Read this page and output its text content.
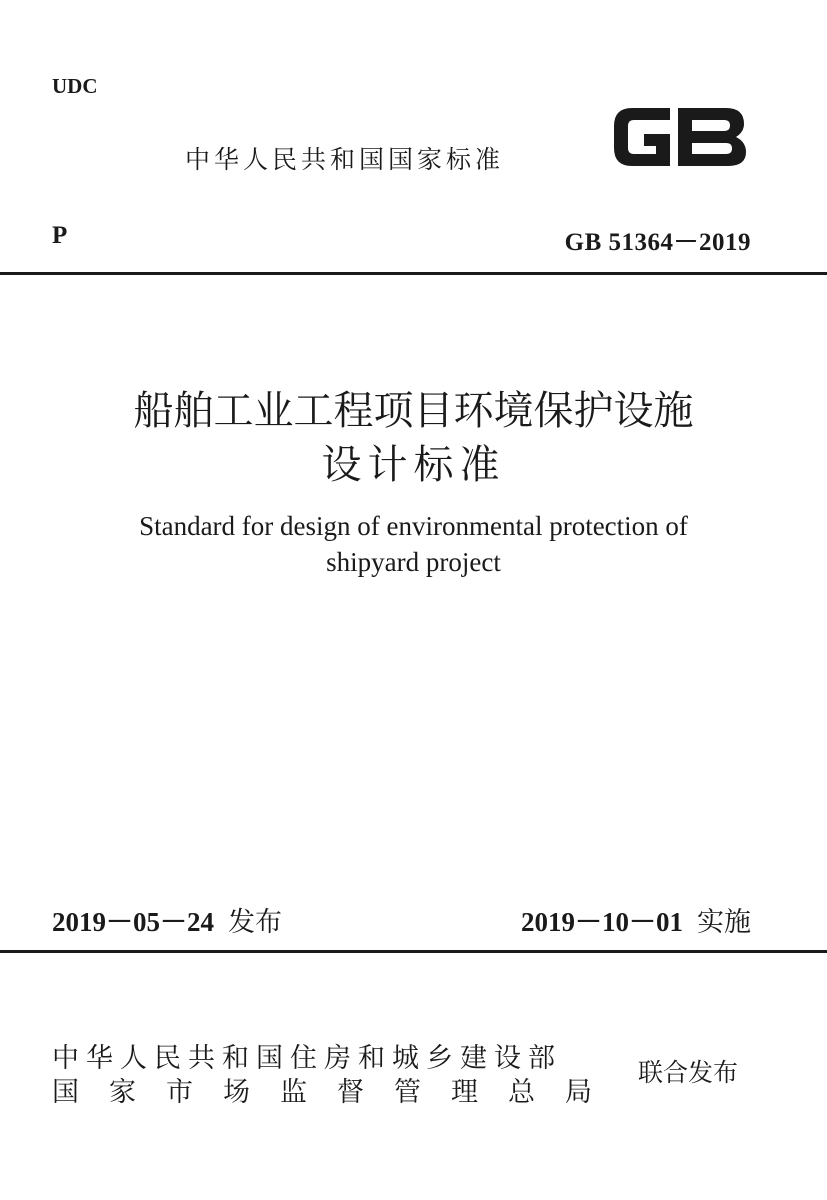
UDC
中华人民共和国国家标准
P	GB 51364－2019
船舶工业工程项目环境保护设施
设计标准
Standard for design of environmental protection of
shipyard project
2019－05－24 发布	2019－10－01 实施
中华人民共和国住房和城乡建设部
国家市场监督管理总局
联合发布
